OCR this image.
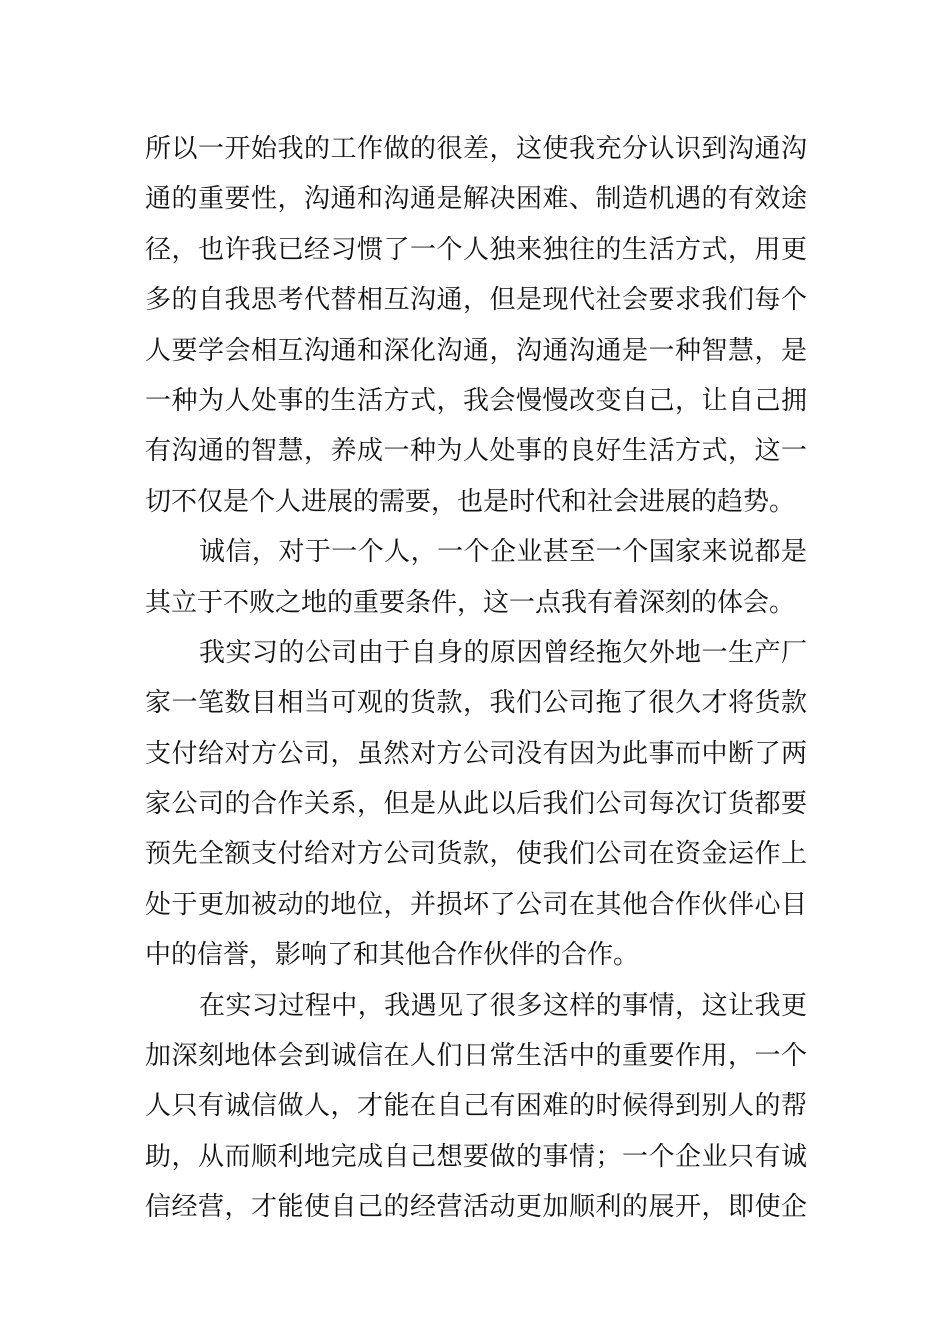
所以一开始我的工作做的很差，这使我充分认识到沟通沟
通的重要性，沟通和沟通是解决困难、制造机遇的有效途
径，也许我已经习惯了一个人独来独往的生活方式，用更
多的自我思考代替相互沟通，但是现代社会要求我们每个
人要学会相互沟通和深化沟通，沟通沟通是一种智慧，是
一种为人处事的生活方式，我会慢慢改变自己，让自己拥
有沟通的智慧，养成一种为人处事的良好生活方式，这一
切不仅是个人进展的需要，也是时代和社会进展的趋势。
诚信，对于一个人，一个企业甚至一个国家来说都是
其立于不败之地的重要条件，这一点我有着深刻的体会。
我实习的公司由于自身的原因曾经拖欠外地一生产厂
家一笔数目相当可观的货款，我们公司拖了很久才将货款
支付给对方公司，虽然对方公司没有因为此事而中断了两
家公司的合作关系，但是从此以后我们公司每次订货都要
预先全额支付给对方公司货款，使我们公司在资金运作上
处于更加被动的地位，并损坏了公司在其他合作伙伴心目
中的信誉，影响了和其他合作伙伴的合作。
在实习过程中，我遇见了很多这样的事情，这让我更
加深刻地体会到诚信在人们日常生活中的重要作用，一个
人只有诚信做人，才能在自己有困难的时候得到别人的帮
助，从而顺利地完成自己想要做的事情；一个企业只有诚
信经营，才能使自己的经营活动更加顺利的展开，即使企
